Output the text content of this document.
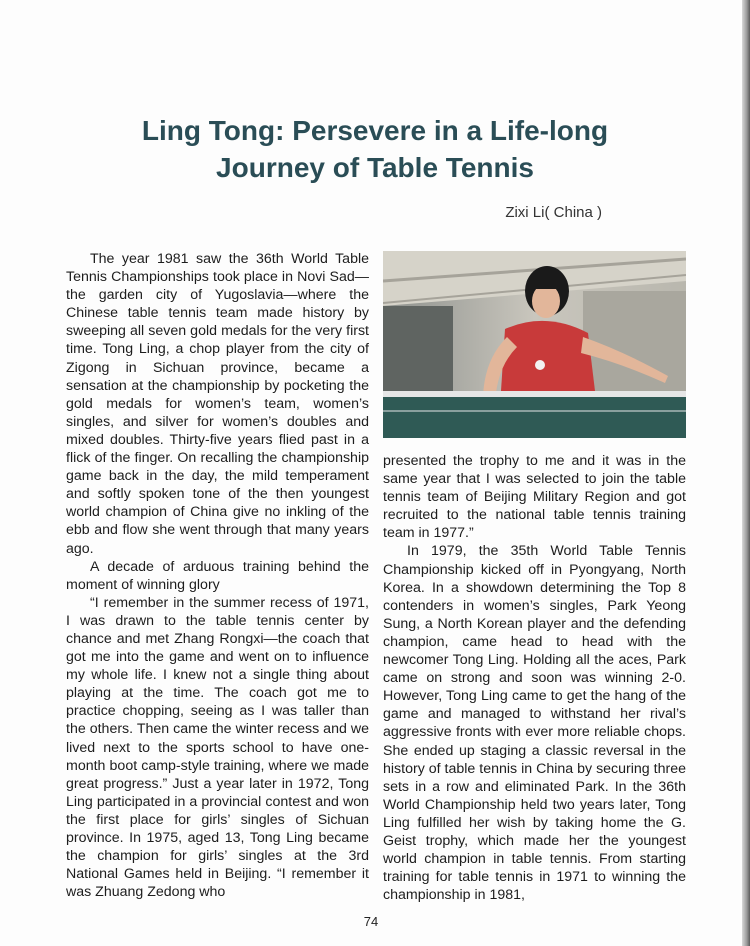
Ling Tong: Persevere in a Life-long
Journey of Table Tennis
Zixi Li( China )

The year 1981 saw the 36th World Table Tennis Championships took place in Novi Sad—the garden city of Yugoslavia—where the Chinese table tennis team made history by sweeping all seven gold medals for the very first time. Tong Ling, a chop player from the city of Zigong in Sichuan province, became a sensation at the championship by pocketing the gold medals for women’s team, women’s singles, and silver for women’s doubles and mixed doubles. Thirty-five years flied past in a flick of the finger. On recalling the championship game back in the day, the mild temperament and softly spoken tone of the then youngest world champion of China give no inkling of the ebb and flow she went through that many years ago.

A decade of arduous training behind the moment of winning glory

“I remember in the summer recess of 1971, I was drawn to the table tennis center by chance and met Zhang Rongxi—the coach that got me into the game and went on to influence my whole life. I knew not a single thing about playing at the time. The coach got me to practice chopping, seeing as I was taller than the others. Then came the winter recess and we lived next to the sports school to have one-month boot camp-style training, where we made great progress.” Just a year later in 1972, Tong Ling participated in a provincial contest and won the first place for girls’ singles of Sichuan province. In 1975, aged 13, Tong Ling became the champion for girls’ singles at the 3rd National Games held in Beijing. “I remember it was Zhuang Zedong who

presented the trophy to me and it was in the same year that I was selected to join the table tennis team of Beijing Military Region and got recruited to the national table tennis training team in 1977.”

In 1979, the 35th World Table Tennis Championship kicked off in Pyongyang, North Korea. In a showdown determining the Top 8 contenders in women’s singles, Park Yeong Sung, a North Korean player and the defending champion, came head to head with the newcomer Tong Ling. Holding all the aces, Park came on strong and soon was winning 2-0. However, Tong Ling came to get the hang of the game and managed to withstand her rival’s aggressive fronts with ever more reliable chops. She ended up staging a classic reversal in the history of table tennis in China by securing three sets in a row and eliminated Park. In the 36th World Championship held two years later, Tong Ling fulfilled her wish by taking home the G. Geist trophy, which made her the youngest world champion in table tennis. From starting training for table tennis in 1971 to winning the championship in 1981,

74
